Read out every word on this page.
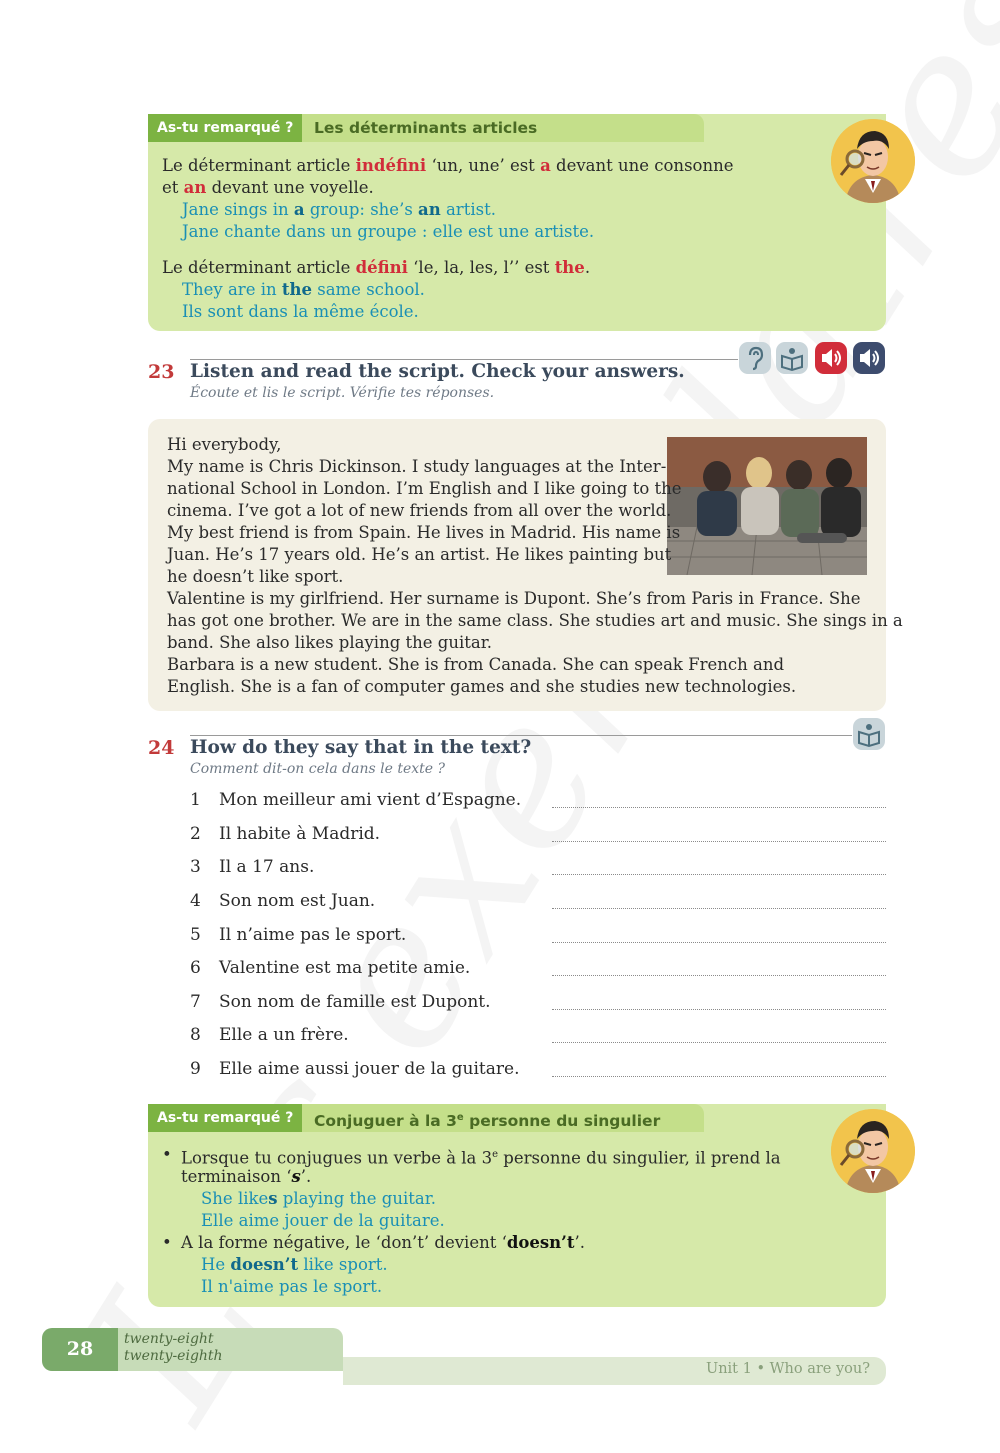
As-tu remarqué ?	Les déterminants articles
Le déterminant article indéfini ‘un, une’ est a devant une consonne
et an devant une voyelle.
Jane sings in a group: she’s an artist.
Jane chante dans un groupe : elle est une artiste.
Le déterminant article défini ‘le, la, les, l’’ est the.
They are in the same school.
Ils sont dans la même école.
23 Listen and read the script. Check your answers.
Écoute et lis le script. Vérifie tes réponses.
Hi everybody,
My name is Chris Dickinson. I study languages at the Inter-
national School in London. I’m English and I like going to the
cinema. I’ve got a lot of new friends from all over the world.
My best friend is from Spain. He lives in Madrid. His name is
Juan. He’s 17 years old. He’s an artist. He likes painting but
he doesn’t like sport.
Valentine is my girlfriend. Her surname is Dupont. She’s from Paris in France. She
has got one brother. We are in the same class. She studies art and music. She sings in a
band. She also likes playing the guitar.
Barbara is a new student. She is from Canada. She can speak French and
English. She is a fan of computer games and she studies new technologies.
24 How do they say that in the text?
Comment dit-on cela dans le texte ?
1 Mon meilleur ami vient d’Espagne.
2 Il habite à Madrid.
3 Il a 17 ans.
4 Son nom est Juan.
5 Il n’aime pas le sport.
6 Valentine est ma petite amie.
7 Son nom de famille est Dupont.
8 Elle a un frère.
9 Elle aime aussi jouer de la guitare.
As-tu remarqué ?	Conjuguer à la 3e personne du singulier
• Lorsque tu conjugues un verbe à la 3e personne du singulier, il prend la
terminaison ‘s’.
She likes playing the guitar.
Elle aime jouer de la guitare.
• A la forme négative, le ‘don’t’ devient ‘doesn’t’.
He doesn’t like sport.
Il n'aime pas le sport.
Unit 1 • Who are you?
twenty-eight
twenty-eighth
28
